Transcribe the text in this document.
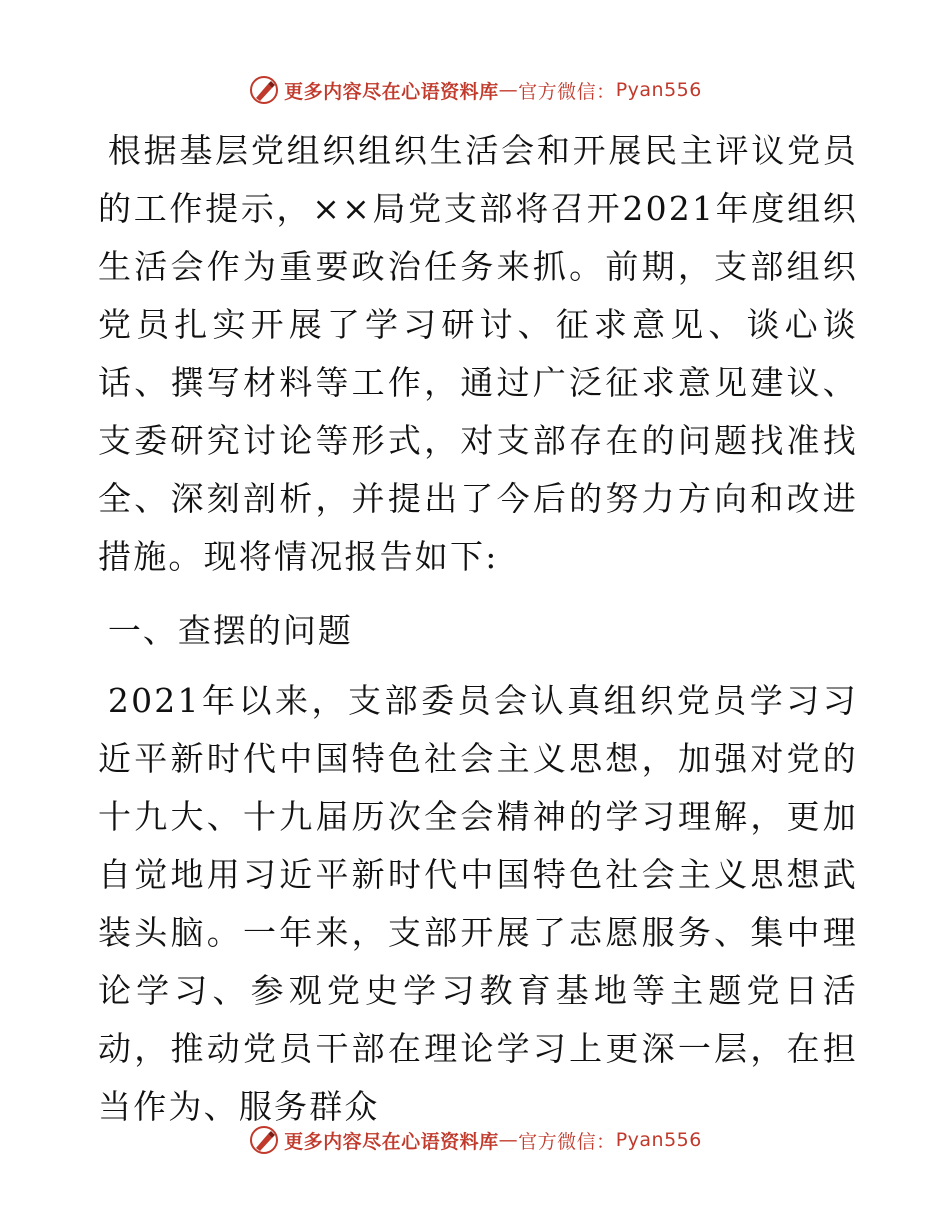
更多内容尽在心语资料库 — 官方微信： Pyan556

根据基层党组织组织生活会和开展民主评议党员的工作提示，××局党支部将召开2021年度组织生活会作为重要政治任务来抓。前期，支部组织党员扎实开展了学习研讨、征求意见、谈心谈话、撰写材料等工作，通过广泛征求意见建议、支委研究讨论等形式，对支部存在的问题找准找全、深刻剖析，并提出了今后的努力方向和改进措施。现将情况报告如下:

一、查摆的问题

2021年以来，支部委员会认真组织党员学习习近平新时代中国特色社会主义思想，加强对党的十九大、十九届历次全会精神的学习理解，更加自觉地用习近平新时代中国特色社会主义思想武装头脑。一年来，支部开展了志愿服务、集中理论学习、参观党史学习教育基地等主题党日活动，推动党员干部在理论学习上更深一层，在担当作为、服务群众

更多内容尽在心语资料库 — 官方微信： Pyan556
